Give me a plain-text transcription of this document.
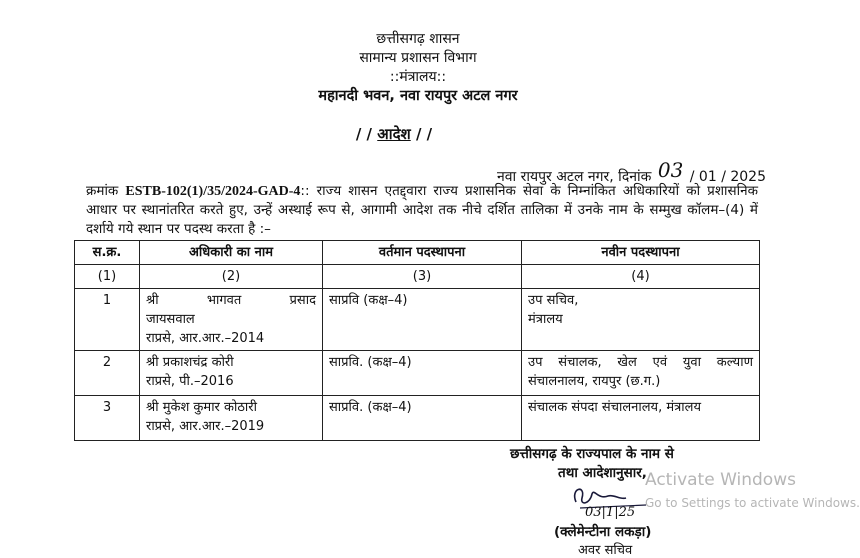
छत्तीसगढ़ शासन
सामान्य प्रशासन विभाग
::मंत्रालय::
महानदी भवन, नवा रायपुर अटल नगर
/ / आदेश / /
नवा रायपुर अटल नगर, दिनांक 03 / 01 / 2025
क्रमांक ESTB-102(1)/35/2024-GAD-4:: राज्य शासन एतद्द्वारा राज्य प्रशासनिक सेवा के निम्नांकित अधिकारियों को प्रशासनिक आधार पर स्थानांतरित करते हुए, उन्हें अस्थाई रूप से, आगामी आदेश तक नीचे दर्शित तालिका में उनके नाम के सम्मुख कॉलम–(4) में दर्शाये गये स्थान पर पदस्थ करता है :–
स.क्र.	अधिकारी का नाम	वर्तमान पदस्थापना	नवीन पदस्थापना
(1)	(2)	(3)	(4)
1	श्री भागवत प्रसाद
जायसवाल
राप्रसे, आर.आर.–2014	साप्रवि (कक्ष–4)	उप सचिव,
मंत्रालय

2	श्री प्रकाशचंद्र कोरी
राप्रसे, पी.–2016	साप्रवि. (कक्ष–4)	उप संचालक, खेल एवं युवा कल्याण
संचालनालय, रायपुर (छ.ग.)

3	श्री मुकेश कुमार कोठारी
राप्रसे, आर.आर.–2019	साप्रवि. (कक्ष–4)	संचालक संपदा संचालनालय, मंत्रालय
छत्तीसगढ़ के राज्यपाल के नाम से
तथा आदेशानुसार,
03|1|25
(क्लेमेन्टीना लकड़ा)
अवर सचिव
Activate Windows
Go to Settings to activate Windows.
